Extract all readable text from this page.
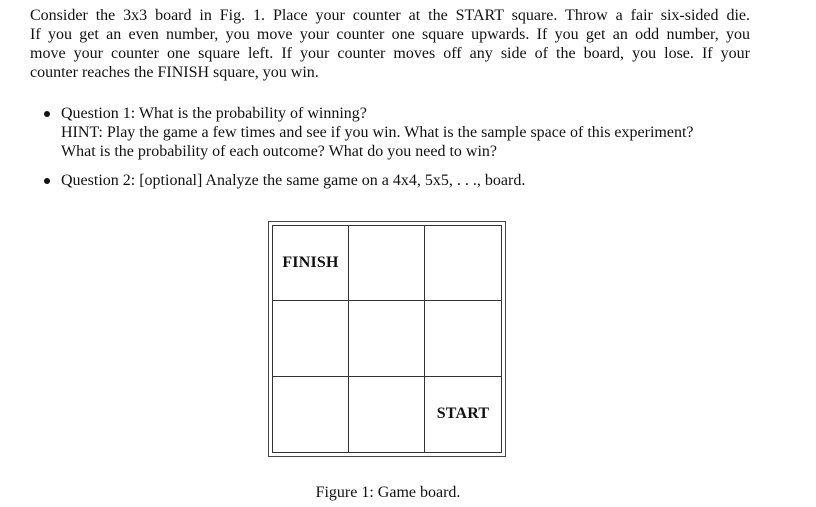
Consider the 3x3 board in Fig. 1. Place your counter at the START square. Throw a fair six-sided die.
If you get an even number, you move your counter one square upwards. If you get an odd number, you
move your counter one square left. If your counter moves off any side of the board, you lose. If your
counter reaches the FINISH square, you win.
Question 1: What is the probability of winning?
HINT: Play the game a few times and see if you win. What is the sample space of this experiment?
What is the probability of each outcome? What do you need to win?
Question 2: [optional] Analyze the same game on a 4x4, 5x5, . . ., board.
FINISH
START
Figure 1: Game board.
